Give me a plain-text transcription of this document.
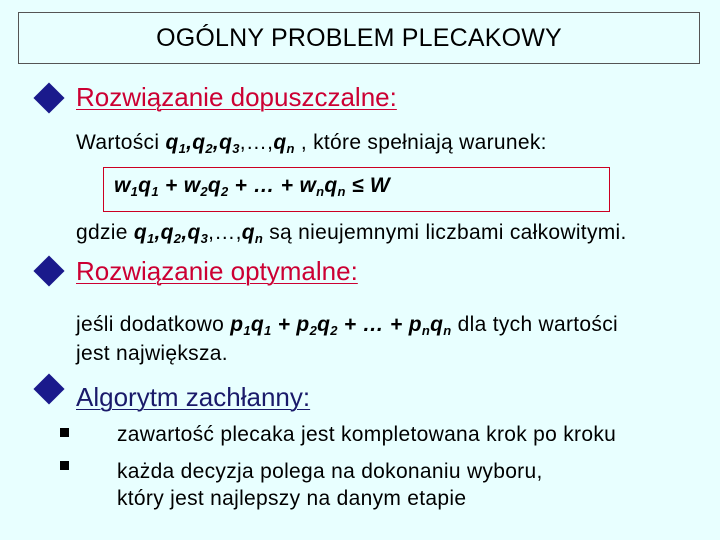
OGÓLNY PROBLEM PLECAKOWY
Rozwiązanie dopuszczalne:
Wartości $q_1,q_2,q_3,\dots,q_n$ , które spełniają warunek:
$w_1q_1 + w_2q_2$ + … + $w_nq_n \le W$
gdzie $q_1,q_2,q_3,\dots,q_n$ są nieujemnymi liczbami całkowitymi.
Rozwiązanie optymalne:
jeśli dodatkowo $p_1q_1 + p_2q_2$ + … + $p_nq_n$ dla tych wartości
jest największa.
Algorytm zachłanny:
zawartość plecaka jest kompletowana krok po kroku
każda decyzja polega na dokonaniu wyboru,
który jest najlepszy na danym etapie
